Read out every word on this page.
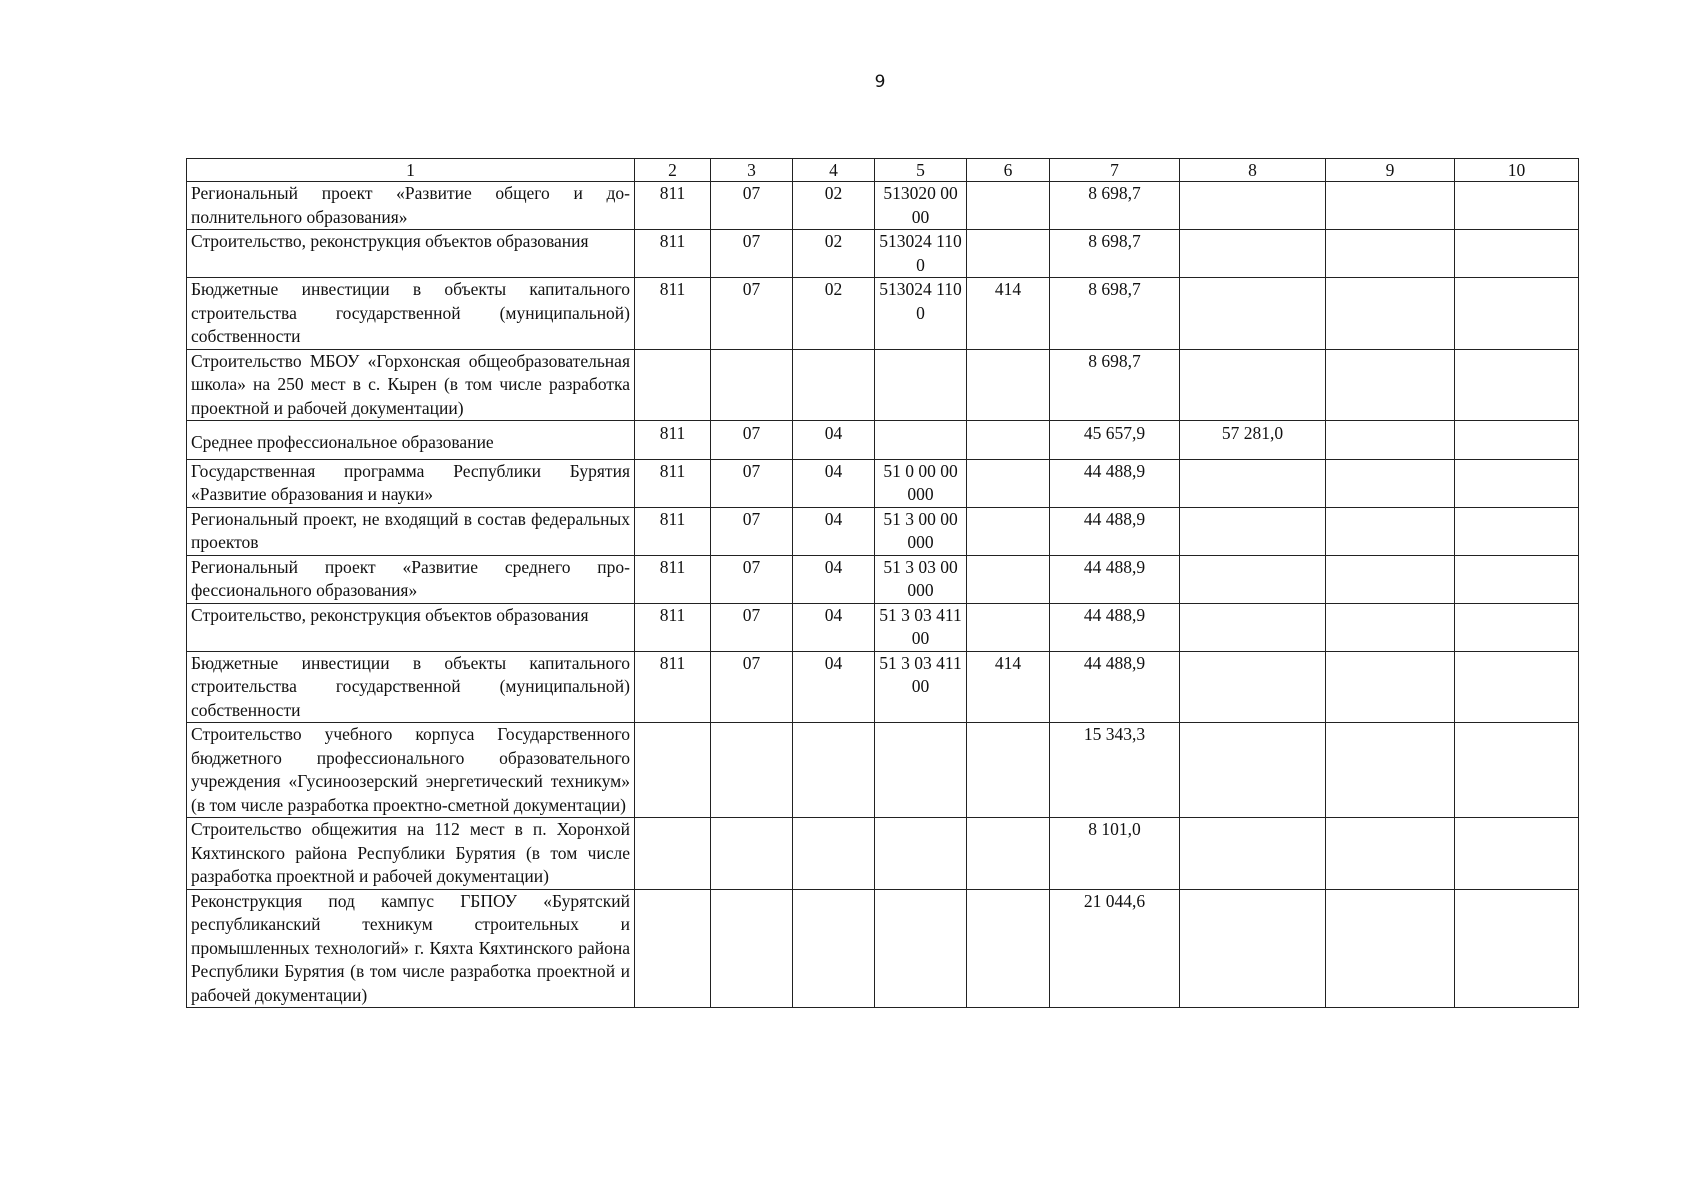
9
1	2	3	4	5	6	7	8	9	10
Региональный проект «Развитие общего и дополнительного образования»	811	07	02	513020 0000		8 698,7			
Строительство, реконструкция объектов образования	811	07	02	513024 1100		8 698,7			
Бюджетные инвестиции в объекты капитального строительства государственной (муниципальной) собственности	811	07	02	513024 1100	414	8 698,7			
Строительство МБОУ «Горхонская общеобразовательная школа» на 250 мест в с. Кырен (в том числе разработка проектной и рабочей документации)						8 698,7			
Среднее профессиональное образование	811	07	04			45 657,9	57 281,0		
Государственная программа Республики Бурятия «Развитие образования и науки»	811	07	04	51 0 00 00000		44 488,9			
Региональный проект, не входящий в состав федеральных проектов	811	07	04	51 3 00 00000		44 488,9			
Региональный проект «Развитие среднего профессионального образования»	811	07	04	51 3 03 00000		44 488,9			
Строительство, реконструкция объектов образования	811	07	04	51 3 03 41100		44 488,9			
Бюджетные инвестиции в объекты капитального строительства государственной (муниципальной) собственности	811	07	04	51 3 03 41100	414	44 488,9			
Строительство учебного корпуса Государственного бюджетного профессионального образовательного учреждения «Гусиноозерский энергетический техникум» (в том числе разработка проектно-сметной документации)						15 343,3			
Строительство общежития на 112 мест в п. Хоронхой Кяхтинского района Республики Бурятия (в том числе разработка проектной и рабочей документации)						8 101,0			
Реконструкция под кампус ГБПОУ «Бурятский республиканский техникум строительных и промышленных технологий» г. Кяхта Кяхтинского района Республики Бурятия (в том числе разработка проектной и рабочей документации)						21 044,6			
